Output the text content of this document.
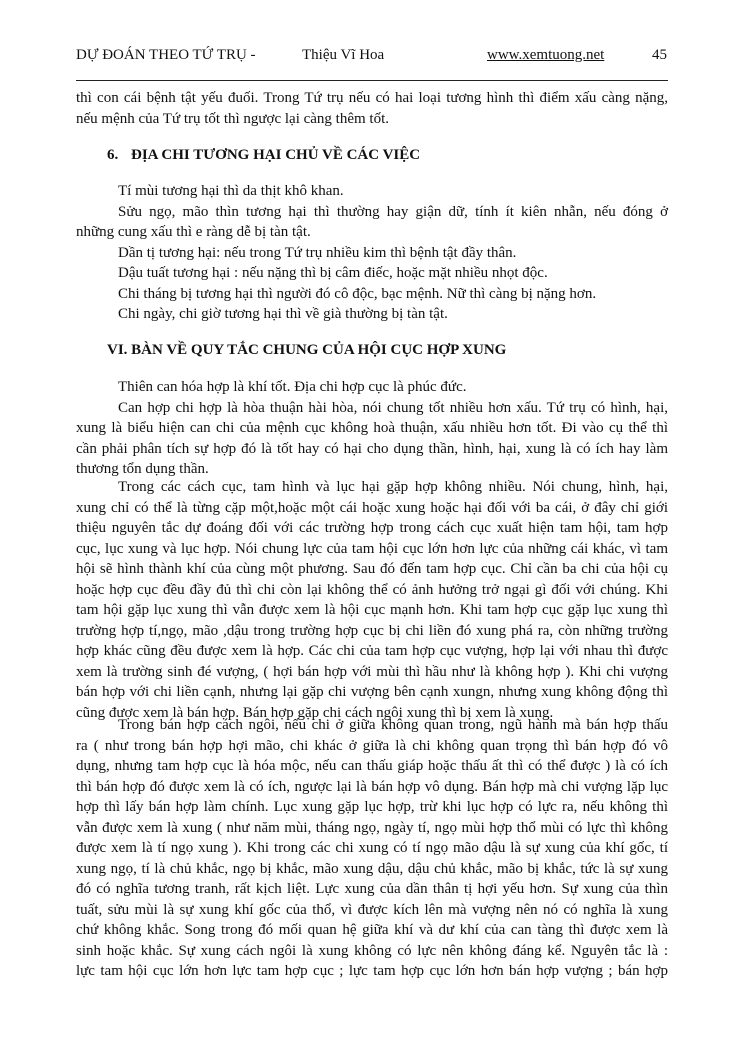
DỰ ĐOÁN THEO TỨ TRỤ -	Thiệu Vĩ Hoa	www.xemtuong.net	45
thì con cái bệnh tật yếu đuối. Trong Tứ trụ nếu có hai loại tương hình thì điểm xấu càng nặng,
nếu mệnh của Tứ trụ tốt thì ngược lại càng thêm tốt.
6. ĐỊA CHI TƯƠNG HẠI CHỦ VỀ CÁC VIỆC
Tí mùi tương hại thì da thịt khô khan.
Sửu ngọ, mão thìn tương hại thì thường hay giận dữ, tính ít kiên nhẫn, nếu đóng ở
những cung xấu thì e ràng dễ bị tàn tật.
Dần tị tương hại: nếu trong Tứ trụ nhiều kim thì bệnh tật đầy thân.
Dậu tuất tương hại : nếu nặng thì bị câm điếc, hoặc mặt nhiều nhọt độc.
Chi tháng bị tương hại thì người đó cô độc, bạc mệnh. Nữ thì càng bị nặng hơn.
Chi ngày, chi giờ tương hại thì về già thường bị tàn tật.
VI. BÀN VỀ QUY TẮC CHUNG CỦA HỘI CỤC HỢP XUNG
Thiên can hóa hợp là khí tốt. Địa chi hợp cục là phúc đức.
Can hợp chi hợp là hòa thuận hài hòa, nói chung tốt nhiều hơn xấu. Tứ trụ có hình, hại,
xung là biểu hiện can chi của mệnh cục không hoà thuận, xấu nhiều hơn tốt. Đi vào cụ thể thì
cần phải phân tích sự hợp đó là tốt hay có hại cho dụng thần, hình, hại, xung là có ích hay làm
thương tổn dụng thần.
Trong các cách cục, tam hình và lục hại gặp hợp không nhiều. Nói chung, hình, hại,
xung chỉ có thể là từng cặp một,hoặc một cái hoặc xung hoặc hại đối với ba cái, ở đây chỉ giới
thiệu nguyên tắc dự đoáng đối với các trường hợp trong cách cục xuất hiện tam hội, tam hợp
cục, lục xung và lục hợp. Nói chung lực của tam hội cục lớn hơn lực của những cái khác, vì tam
hội sẽ hình thành khí của cùng một phương. Sau đó đến tam hợp cục. Chỉ cần ba chi của hội cụ
hoặc hợp cục đều đầy đủ thì chi còn lại không thể có ảnh hưởng trở ngại gì đối với chúng. Khi
tam hội gặp lục xung thì vẫn được xem là hội cục mạnh hơn. Khi tam hợp cục gặp lục xung thì
trường hợp tí,ngọ, mão ,dậu trong trường hợp cục bị chi liền đó xung phá ra, còn những trường
hợp khác cũng đều được xem là hợp. Các chi của tam hợp cục vượng, hợp lại với nhau thì được
xem là trường sinh đé vượng, ( hợi bán hợp với mùi thì hầu như là không hợp ). Khi chi vượng
bán hợp với chi liền cạnh, nhưng lại gặp chi vượng bên cạnh xungn, nhưng xung không động thì
cũng được xem là bán hợp. Bán hợp gặp chi cách ngôi xung thì bị xem là xung.
Trong bán hợp cách ngôi, nếu chi ở giữa không quan trong, ngũ hành mà bán hợp thấu
ra ( như trong bán hợp hợi mão, chi khác ở giữa là chi không quan trọng thì bán hợp đó vô
dụng, nhưng tam hợp cục là hóa mộc, nếu can thấu giáp hoặc thấu ất thì có thể được ) là có ích
thì bán hợp đó được xem là có ích, ngược lại là bán hợp vô dụng. Bán hợp mà chi vượng lặp lục
hợp thì lấy bán hợp làm chính. Lục xung gặp lục hợp, trừ khi lục hợp có lực ra, nếu không thì
vẫn được xem là xung ( như năm mùi, tháng ngọ, ngày tí, ngọ mùi hợp thổ mùi có lực thì không
được xem là tí ngọ xung ). Khi trong các chi xung có tí ngọ mão dậu là sự xung của khí gốc, tí
xung ngọ, tí là chủ khắc, ngọ bị khắc, mão xung dậu, dậu chủ khắc, mão bị khắc, tức là sự xung
đó có nghĩa tương tranh, rất kịch liệt. Lực xung của dần thân tị hợi yếu hơn. Sự xung của thìn
tuất, sửu mùi là sự xung khí gốc của thổ, vì được kích lên mà vượng nên nó có nghĩa là xung
chứ không khắc. Song trong đó mối quan hệ giữa khí và dư khí của can tàng thì được xem là
sinh hoặc khắc. Sự xung cách ngôi là xung không có lực nên không đáng kể. Nguyên tắc là :
lực tam hội cục lớn hơn lực tam hợp cục ; lực tam hợp cục lớn hơn bán hợp vượng ; bán hợp
